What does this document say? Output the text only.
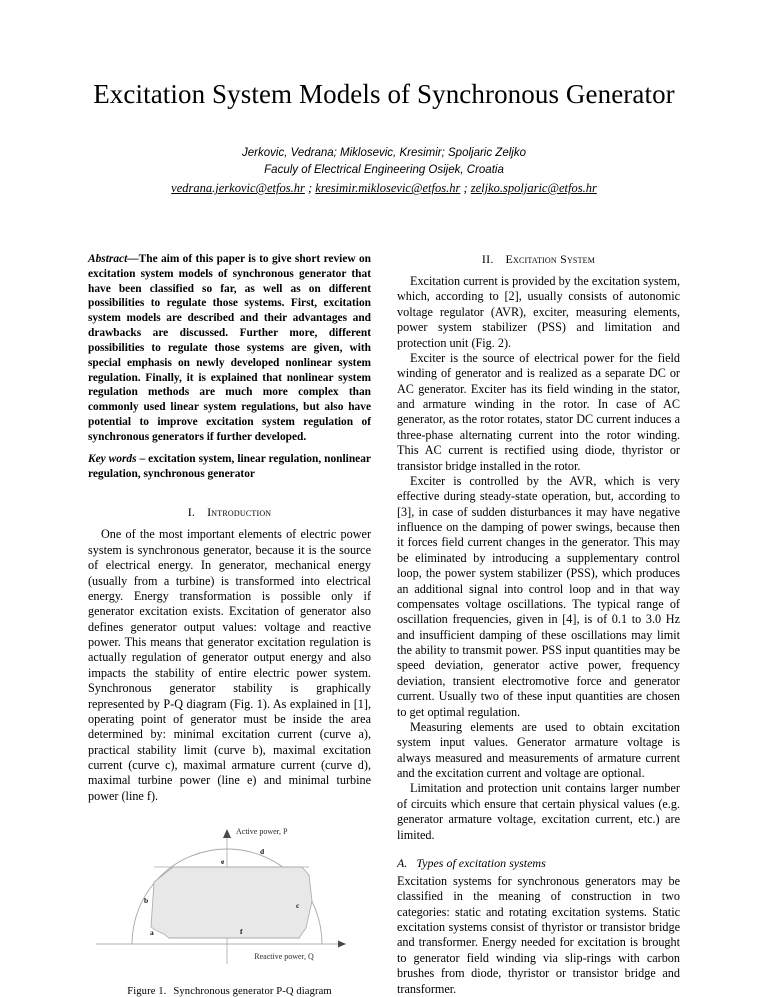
Excitation System Models of Synchronous Generator
Jerkovic, Vedrana; Miklosevic, Kresimir; Spoljaric Zeljko
Faculy of Electrical Engineering Osijek, Croatia
vedrana.jerkovic@etfos.hr ; kresimir.miklosevic@etfos.hr ; zeljko.spoljaric@etfos.hr

Abstract—The aim of this paper is to give short review on excitation system models of synchronous generator that have been classified so far, as well as on different possibilities to regulate those systems. First, excitation system models are described and their advantages and drawbacks are discussed. Further more, different possibilities to regulate those systems are given, with special emphasis on newly developed nonlinear system regulation. Finally, it is explained that nonlinear system regulation methods are much more complex than commonly used linear system regulations, but also have potential to improve excitation system regulation of synchronous generators if further developed.

Key words – excitation system, linear regulation, nonlinear regulation, synchronous generator

I. Introduction

One of the most important elements of electric power system is synchronous generator, because it is the source of electrical energy. In generator, mechanical energy (usually from a turbine) is transformed into electrical energy. Energy transformation is possible only if generator excitation exists. Excitation of generator also defines generator output values: voltage and reactive power. This means that generator excitation regulation is actually regulation of generator output energy and also impacts the stability of entire electric power system. Synchronous generator stability is graphically represented by P-Q diagram (Fig. 1). As explained in [1], operating point of generator must be inside the area determined by: minimal excitation current (curve a), practical stability limit (curve b), maximal excitation current (curve c), maximal armature current (curve d), maximal turbine power (line e) and minimal turbine power (line f).

b
a
c
d
e
f
Active power, P
Reactive power, Q
Figure 1. Synchronous generator P-Q diagram
II. Excitation System

Excitation current is provided by the excitation system, which, according to [2], usually consists of autonomic voltage regulator (AVR), exciter, measuring elements, power system stabilizer (PSS) and limitation and protection unit (Fig. 2).

Exciter is the source of electrical power for the field winding of generator and is realized as a separate DC or AC generator. Exciter has its field winding in the stator, and armature winding in the rotor. In case of AC generator, as the rotor rotates, stator DC current induces a three-phase alternating current into the rotor winding. This AC current is rectified using diode, thyristor or transistor bridge installed in the rotor.

Exciter is controlled by the AVR, which is very effective during steady-state operation, but, according to [3], in case of sudden disturbances it may have negative influence on the damping of power swings, because then it forces field current changes in the generator. This may be eliminated by introducing a supplementary control loop, the power system stabilizer (PSS), which produces an additional signal into control loop and in that way compensates voltage oscillations. The typical range of oscillation frequencies, given in [4], is of 0.1 to 3.0 Hz and insufficient damping of these oscillations may limit the ability to transmit power. PSS input quantities may be speed deviation, generator active power, frequency deviation, transient electromotive force and generator current. Usually two of these input quantities are chosen to get optimal regulation.

Measuring elements are used to obtain excitation system input values. Generator armature voltage is always measured and measurements of armature current and the excitation current and voltage are optional.

Limitation and protection unit contains larger number of circuits which ensure that certain physical values (e.g. generator armature voltage, excitation current, etc.) are limited.

A. Types of excitation systems

Excitation systems for synchronous generators may be classified in the meaning of construction in two categories: static and rotating excitation systems. Static excitation systems consist of thyristor or transistor bridge and transformer. Energy needed for excitation is brought to generator field winding via slip-rings with carbon brushes from diode, thyristor or transistor bridge and transformer.
